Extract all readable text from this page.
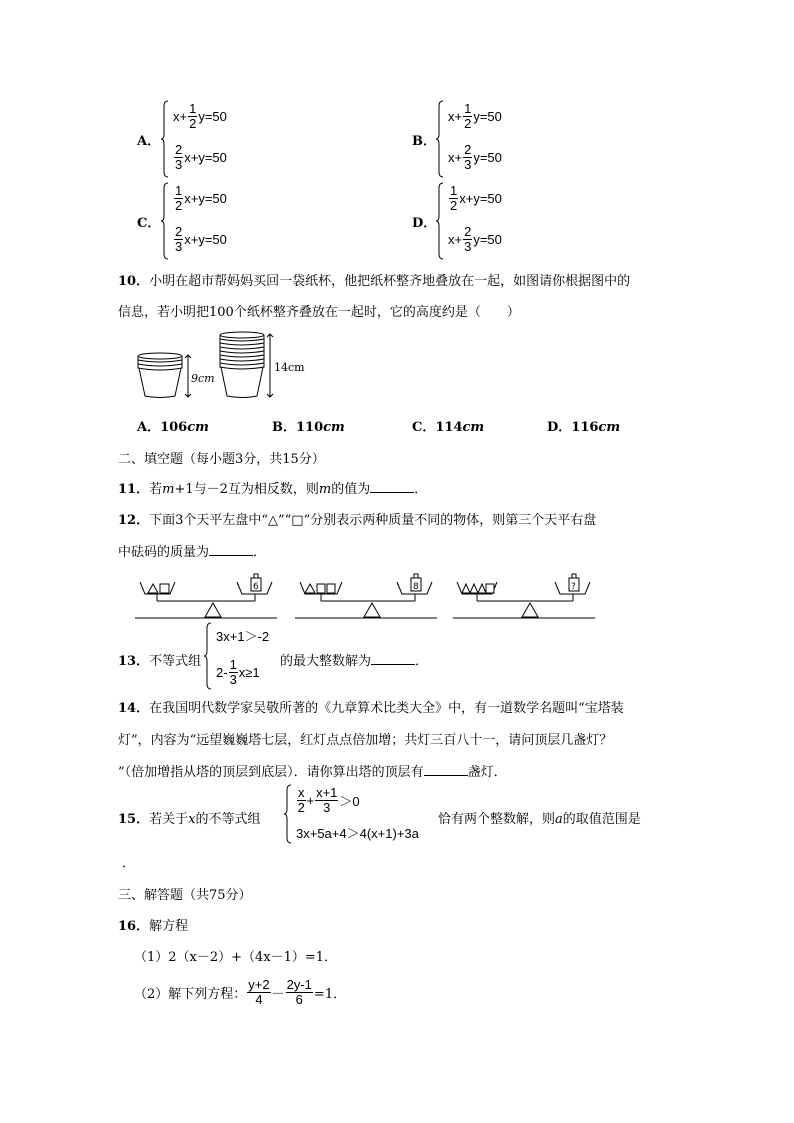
A．
$x+ \frac{1}{2} y=50$
$\frac{2}{3} x+y=50$
B．
$x+ \frac{1}{2} y=50$
$x+ \frac{2}{3} y=50$
C．
$\frac{1}{2} x+y=50$
$\frac{2}{3} x+y=50$
D．
$\frac{1}{2} x+y=50$
$x+ \frac{2}{3} y=50$
10．小明在超市帮妈妈买回一袋纸杯，他把纸杯整齐地叠放在一起，如图请你根据图中的
信息，若小明把100个纸杯整齐叠放在一起时，它的高度约是（　　）
9cm
14cm
A．106cm	B．110cm	C．114cm	D．116cm
二、填空题（每小题3分，共15分）
11．若m+1与－2互为相反数，则m的值为	．
12．下面3个天平左盘中“△”“□”分别表示两种质量不同的物体，则第三个天平右盘
中砝码的质量为	．
6	8	?
13．不等式组
3x+1＞-2
$2- \frac{1}{3} x\ge 1$
的最大整数解为	．
14．在我国明代数学家吴敬所著的《九章算术比类大全》中，有一道数学名题叫“宝塔装
灯”，内容为“远望巍巍塔七层，红灯点点倍加增；共灯三百八十一，请问顶层几盏灯？
”（倍加增指从塔的顶层到底层）．请你算出塔的顶层有	盏灯．
15．若关于x的不等式组
$\frac{x}{2} + \frac{x+1}{3} >0$
3x+5a+4＞4(x+1)+3a
恰有两个整数解，则a的取值范围是
．
三、解答题（共75分）
16．解方程
（1）2（x－2）+（4x－1）=1．
（2）解下列方程： $\frac{y+2}{4} - \frac{2y-1}{6} =1$．
